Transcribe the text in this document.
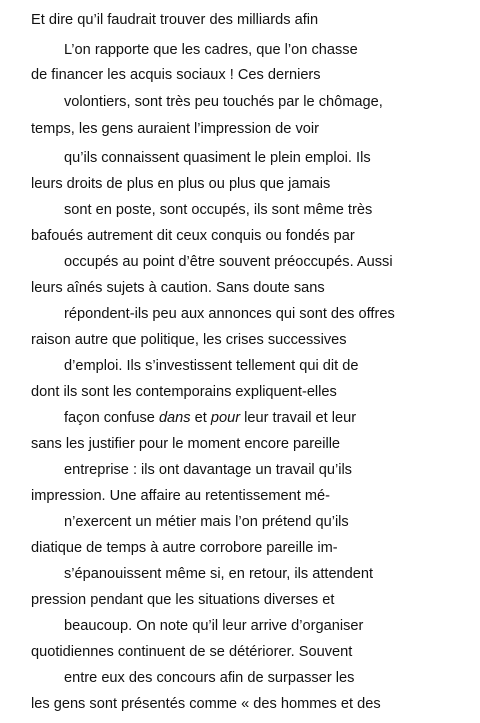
Et dire qu’il faudrait trouver des milliards afin
L’on rapporte que les cadres, que l’on chasse
de financer les acquis sociaux ! Ces derniers
volontiers, sont très peu touchés par le chômage,
temps, les gens auraient l’impression de voir
qu’ils connaissent quasiment le plein emploi. Ils
leurs droits de plus en plus ou plus que jamais
sont en poste, sont occupés, ils sont même très
bafoués autrement dit ceux conquis ou fondés par
occupés au point d’être souvent préoccupés. Aussi
leurs aînés sujets à caution. Sans doute sans
répondent-ils peu aux annonces qui sont des offres
raison autre que politique, les crises successives
d’emploi. Ils s’investissent tellement qui dit de
dont ils sont les contemporains expliquent-elles
façon confuse dans et pour leur travail et leur
sans les justifier pour le moment encore pareille
entreprise : ils ont davantage un travail qu’ils
impression. Une affaire au retentissement mé-
n’exercent un métier mais l’on prétend qu’ils
diatique de temps à autre corrobore pareille im-
s’épanouissent même si, en retour, ils attendent
pression pendant que les situations diverses et
beaucoup. On note qu’il leur arrive d’organiser
quotidiennes continuent de se détériorer. Souvent
entre eux des concours afin de surpasser les
les gens sont présentés comme « des hommes et des
